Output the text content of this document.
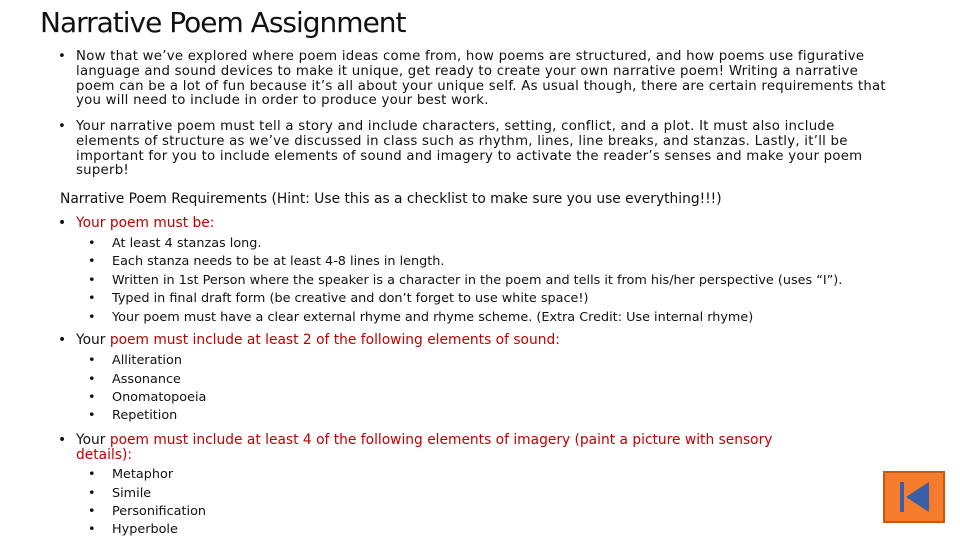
Narrative Poem Assignment
• Now that we’ve explored where poem ideas come from, how poems are structured, and how poems use figurative language and sound devices to make it unique, get ready to create your own narrative poem! Writing a narrative poem can be a lot of fun because it’s all about your unique self. As usual though, there are certain requirements that you will need to include in order to produce your best work.
• Your narrative poem must tell a story and include characters, setting, conflict, and a plot. It must also include elements of structure as we’ve discussed in class such as rhythm, lines, line breaks, and stanzas. Lastly, it’ll be important for you to include elements of sound and imagery to activate the reader’s senses and make your poem superb!
Narrative Poem Requirements (Hint: Use this as a checklist to make sure you use everything!!!)
• Your poem must be:
• At least 4 stanzas long.
• Each stanza needs to be at least 4-8 lines in length.
• Written in 1st Person where the speaker is a character in the poem and tells it from his/her perspective (uses “I”).
• Typed in final draft form (be creative and don’t forget to use white space!)
• Your poem must have a clear external rhyme and rhyme scheme. (Extra Credit: Use internal rhyme)
• Your poem must include at least 2 of the following elements of sound:
• Alliteration
• Assonance
• Onomatopoeia
• Repetition
• Your poem must include at least 4 of the following elements of imagery (paint a picture with sensory details):
• Metaphor
• Simile
• Personification
• Hyperbole
